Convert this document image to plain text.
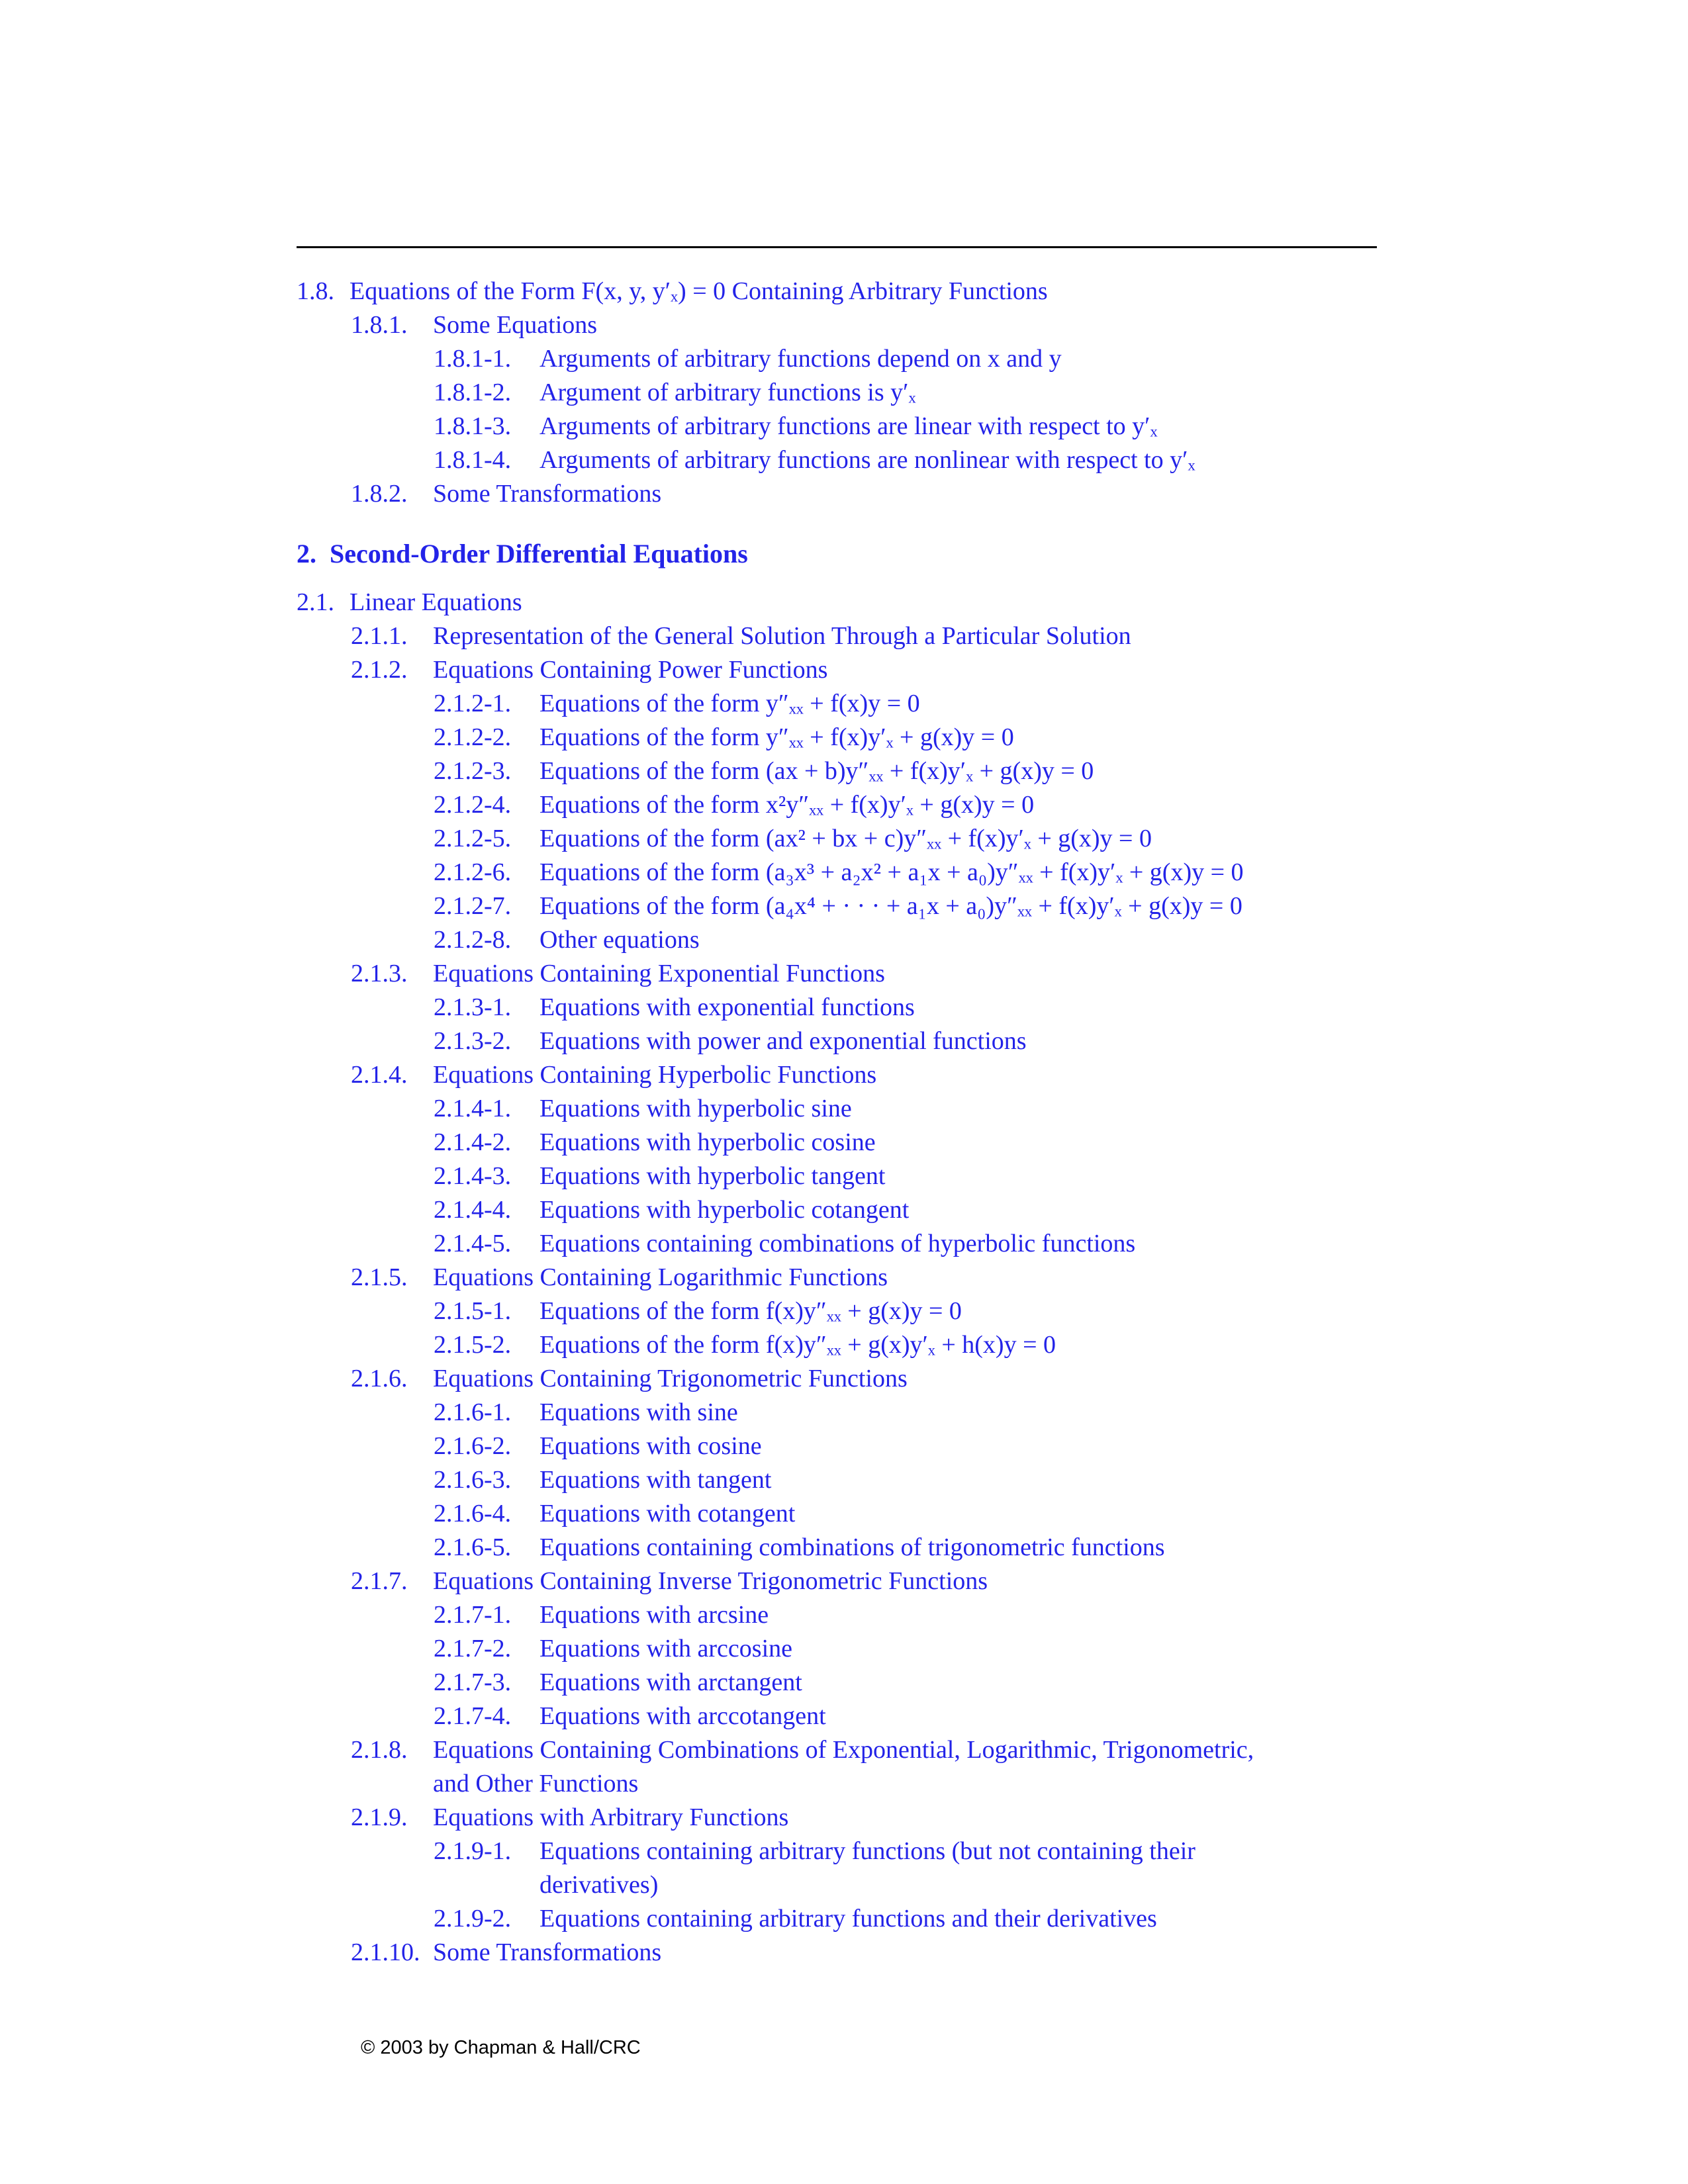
1.8. Equations of the Form F(x, y, y′ₓ) = 0 Containing Arbitrary Functions
1.8.1. Some Equations
1.8.1-1. Arguments of arbitrary functions depend on x and y
1.8.1-2. Argument of arbitrary functions is y′ₓ
1.8.1-3. Arguments of arbitrary functions are linear with respect to y′ₓ
1.8.1-4. Arguments of arbitrary functions are nonlinear with respect to y′ₓ
1.8.2. Some Transformations
2. Second-Order Differential Equations
2.1. Linear Equations
2.1.1. Representation of the General Solution Through a Particular Solution
2.1.2. Equations Containing Power Functions
2.1.2-1. Equations of the form y″ₓₓ + f(x)y = 0
2.1.2-2. Equations of the form y″ₓₓ + f(x)y′ₓ + g(x)y = 0
2.1.2-3. Equations of the form (ax + b)y″ₓₓ + f(x)y′ₓ + g(x)y = 0
2.1.2-4. Equations of the form x²y″ₓₓ + f(x)y′ₓ + g(x)y = 0
2.1.2-5. Equations of the form (ax² + bx + c)y″ₓₓ + f(x)y′ₓ + g(x)y = 0
2.1.2-6. Equations of the form (a₃x³ + a₂x² + a₁x + a₀)y″ₓₓ + f(x)y′ₓ + g(x)y = 0
2.1.2-7. Equations of the form (a₄x⁴ + · · · + a₁x + a₀)y″ₓₓ + f(x)y′ₓ + g(x)y = 0
2.1.2-8. Other equations
2.1.3. Equations Containing Exponential Functions
2.1.3-1. Equations with exponential functions
2.1.3-2. Equations with power and exponential functions
2.1.4. Equations Containing Hyperbolic Functions
2.1.4-1. Equations with hyperbolic sine
2.1.4-2. Equations with hyperbolic cosine
2.1.4-3. Equations with hyperbolic tangent
2.1.4-4. Equations with hyperbolic cotangent
2.1.4-5. Equations containing combinations of hyperbolic functions
2.1.5. Equations Containing Logarithmic Functions
2.1.5-1. Equations of the form f(x)y″ₓₓ + g(x)y = 0
2.1.5-2. Equations of the form f(x)y″ₓₓ + g(x)y′ₓ + h(x)y = 0
2.1.6. Equations Containing Trigonometric Functions
2.1.6-1. Equations with sine
2.1.6-2. Equations with cosine
2.1.6-3. Equations with tangent
2.1.6-4. Equations with cotangent
2.1.6-5. Equations containing combinations of trigonometric functions
2.1.7. Equations Containing Inverse Trigonometric Functions
2.1.7-1. Equations with arcsine
2.1.7-2. Equations with arccosine
2.1.7-3. Equations with arctangent
2.1.7-4. Equations with arccotangent
2.1.8. Equations Containing Combinations of Exponential, Logarithmic, Trigonometric,
and Other Functions
2.1.9. Equations with Arbitrary Functions
2.1.9-1. Equations containing arbitrary functions (but not containing their
derivatives)
2.1.9-2. Equations containing arbitrary functions and their derivatives
2.1.10. Some Transformations
© 2003 by Chapman & Hall/CRC
